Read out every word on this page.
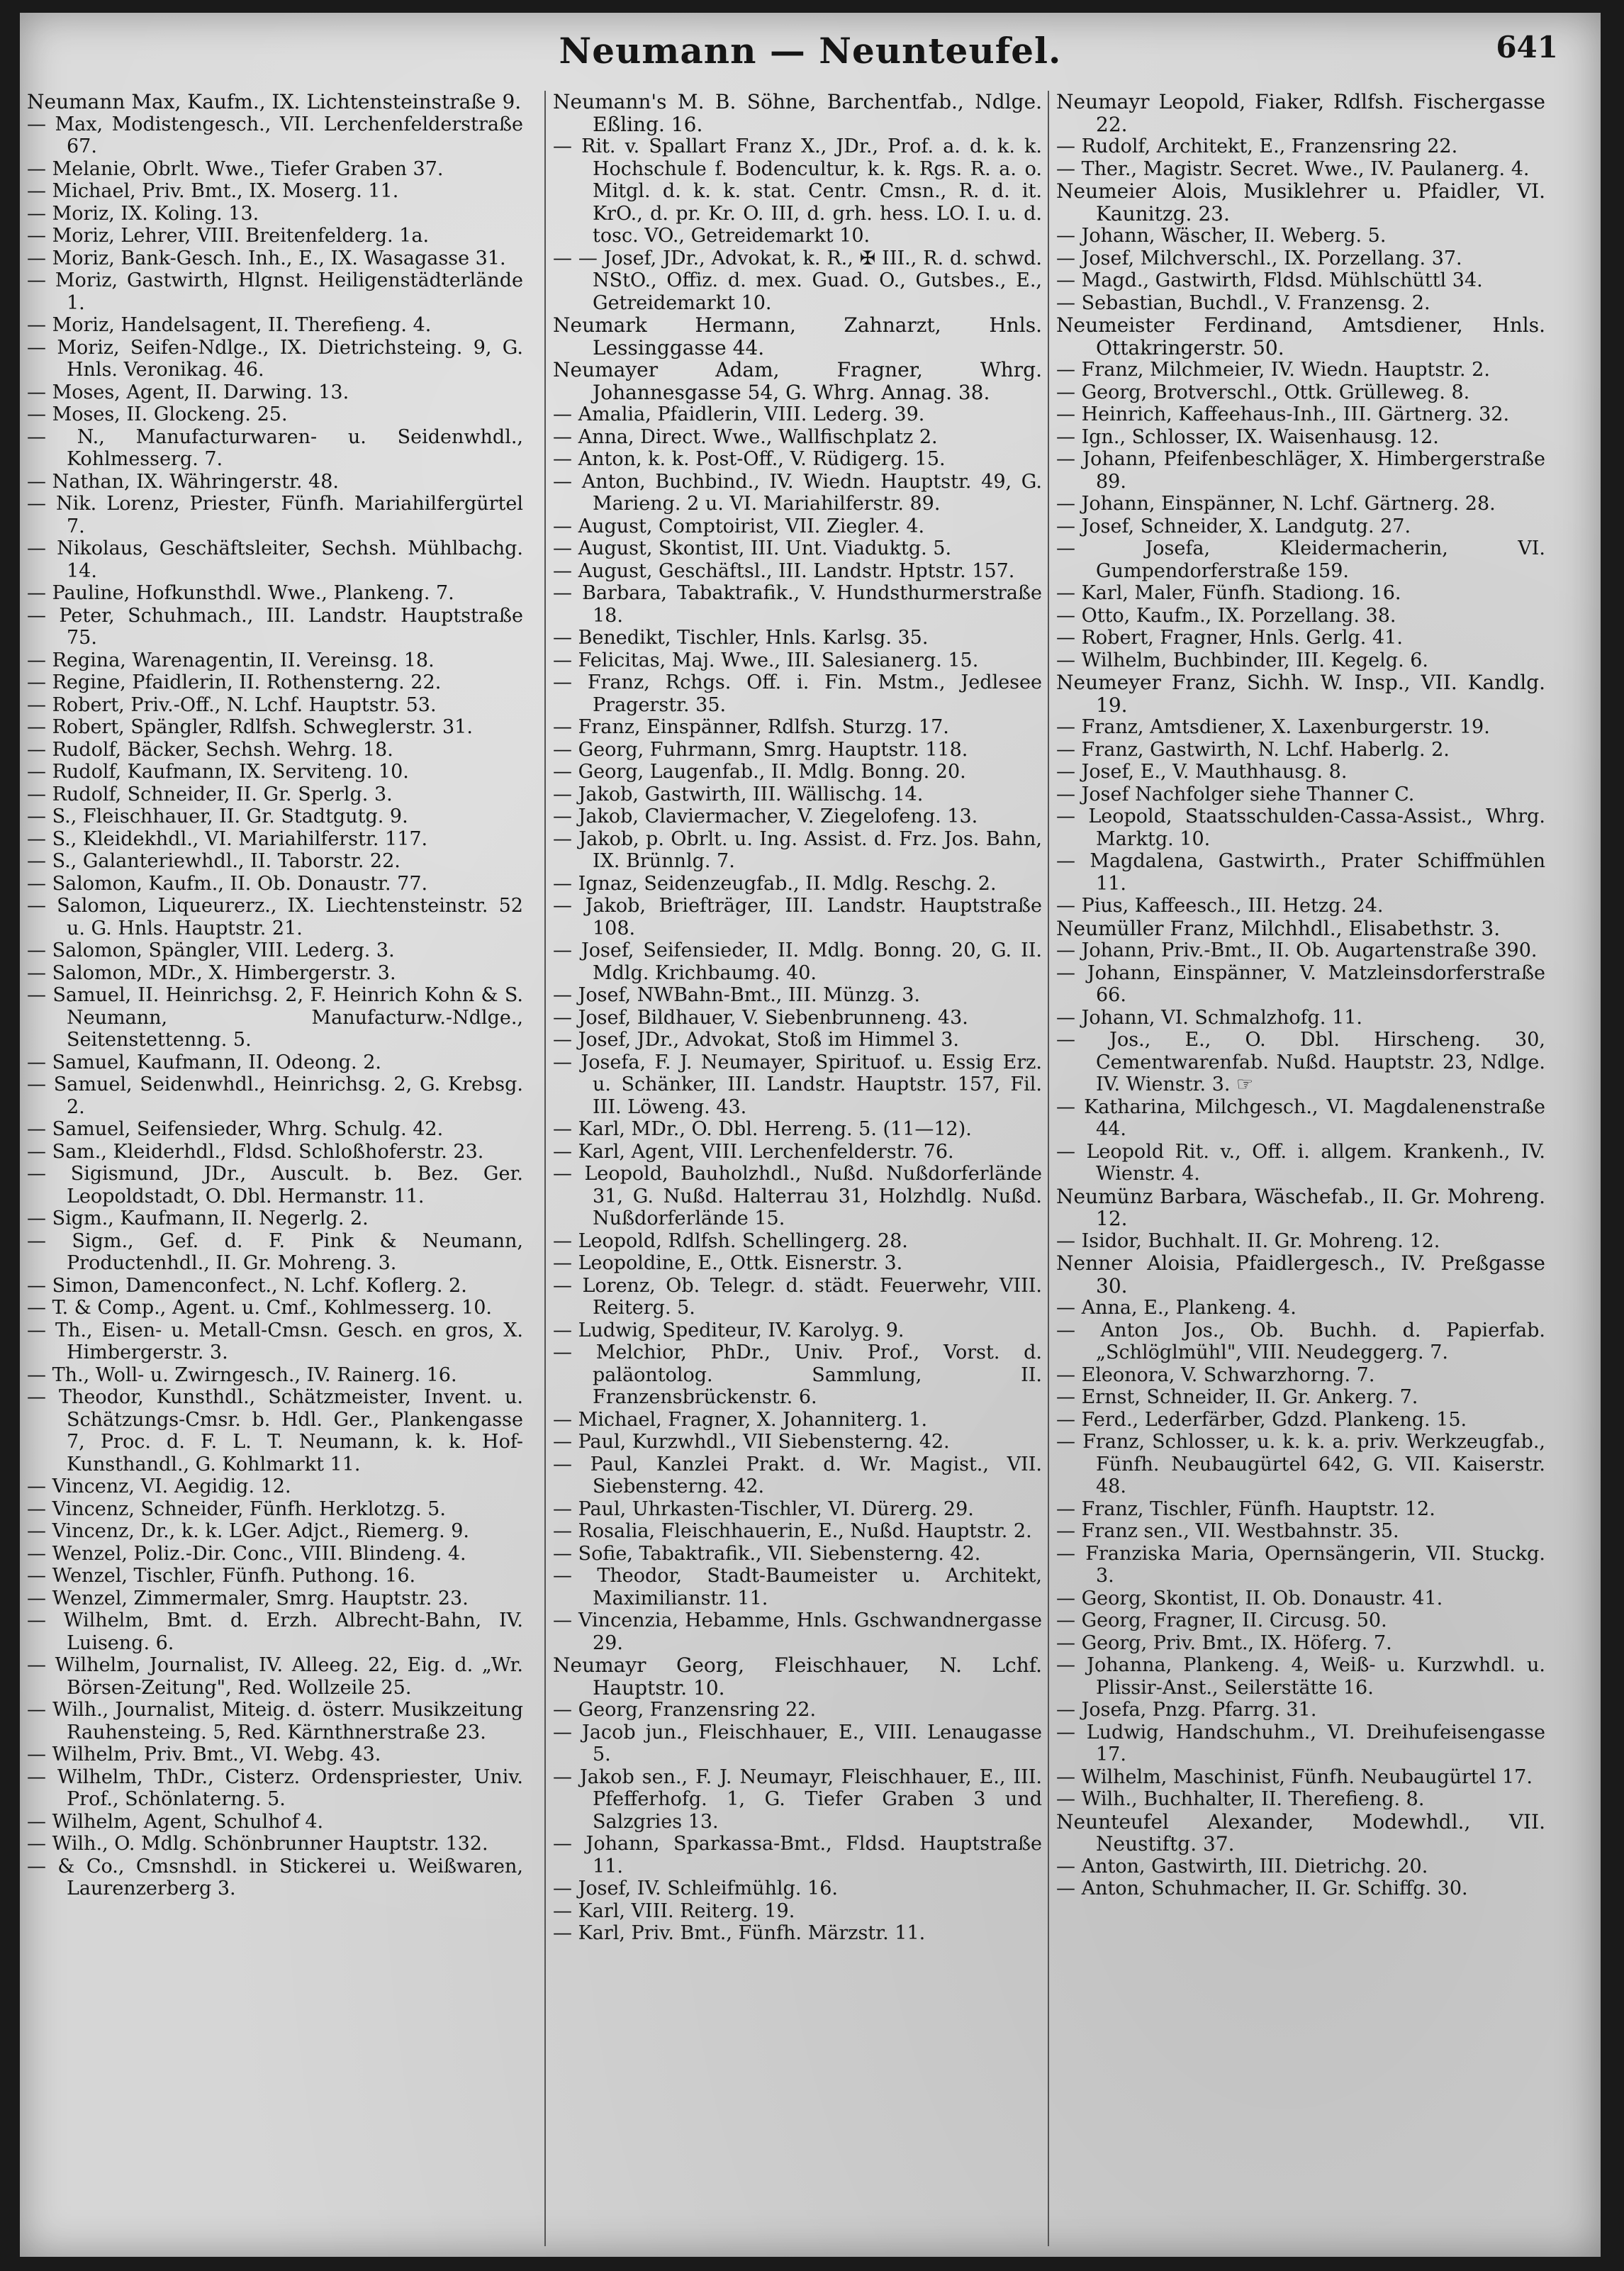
Neumann — Neunteufel.	641

Neumann Max, Kaufm., IX. Lichtensteinstraße 9.

— Max, Modistengesch., VII. Lerchenfelderstraße 67.

— Melanie, Obrlt. Wwe., Tiefer Graben 37.

— Michael, Priv. Bmt., IX. Moserg. 11.

— Moriz, IX. Koling. 13.

— Moriz, Lehrer, VIII. Breitenfelderg. 1a.

— Moriz, Bank-Gesch. Inh., E., IX. Wasagasse 31.

— Moriz, Gastwirth, Hlgnst. Heiligenstädterlände 1.

— Moriz, Handelsagent, II. Therefieng. 4.

— Moriz, Seifen-Ndlge., IX. Dietrichsteing. 9, G. Hnls. Veronikag. 46.

— Moses, Agent, II. Darwing. 13.

— Moses, II. Glockeng. 25.

— N., Manufacturwaren- u. Seidenwhdl., Kohlmesserg. 7.

— Nathan, IX. Währingerstr. 48.

— Nik. Lorenz, Priester, Fünfh. Mariahilfergürtel 7.

— Nikolaus, Geschäftsleiter, Sechsh. Mühlbachg. 14.

— Pauline, Hofkunsthdl. Wwe., Plankeng. 7.

— Peter, Schuhmach., III. Landstr. Hauptstraße 75.

— Regina, Warenagentin, II. Vereinsg. 18.

— Regine, Pfaidlerin, II. Rothensterng. 22.

— Robert, Priv.-Off., N. Lchf. Hauptstr. 53.

— Robert, Spängler, Rdlfsh. Schweglerstr. 31.

— Rudolf, Bäcker, Sechsh. Wehrg. 18.

— Rudolf, Kaufmann, IX. Serviteng. 10.

— Rudolf, Schneider, II. Gr. Sperlg. 3.

— S., Fleischhauer, II. Gr. Stadtgutg. 9.

— S., Kleidekhdl., VI. Mariahilferstr. 117.

— S., Galanteriewhdl., II. Taborstr. 22.

— Salomon, Kaufm., II. Ob. Donaustr. 77.

— Salomon, Liqueurerz., IX. Liechtensteinstr. 52 u. G. Hnls. Hauptstr. 21.

— Salomon, Spängler, VIII. Lederg. 3.

— Salomon, MDr., X. Himbergerstr. 3.

— Samuel, II. Heinrichsg. 2, F. Heinrich Kohn & S. Neumann, Manufacturw.-Ndlge., Seitenstettenng. 5.

— Samuel, Kaufmann, II. Odeong. 2.

— Samuel, Seidenwhdl., Heinrichsg. 2, G. Krebsg. 2.

— Samuel, Seifensieder, Whrg. Schulg. 42.

— Sam., Kleiderhdl., Fldsd. Schloßhoferstr. 23.

— Sigismund, JDr., Auscult. b. Bez. Ger. Leopoldstadt, O. Dbl. Hermanstr. 11.

— Sigm., Kaufmann, II. Negerlg. 2.

— Sigm., Gef. d. F. Pink & Neumann, Productenhdl., II. Gr. Mohreng. 3.

— Simon, Damenconfect., N. Lchf. Koflerg. 2.

— T. & Comp., Agent. u. Cmf., Kohlmesserg. 10.

— Th., Eisen- u. Metall-Cmsn. Gesch. en gros, X. Himbergerstr. 3.

— Th., Woll- u. Zwirngesch., IV. Rainerg. 16.

— Theodor, Kunsthdl., Schätzmeister, Invent. u. Schätzungs-Cmsr. b. Hdl. Ger., Plankengasse 7, Proc. d. F. L. T. Neumann, k. k. Hof-Kunsthandl., G. Kohlmarkt 11.

— Vincenz, VI. Aegidig. 12.

— Vincenz, Schneider, Fünfh. Herklotzg. 5.

— Vincenz, Dr., k. k. LGer. Adjct., Riemerg. 9.

— Wenzel, Poliz.-Dir. Conc., VIII. Blindeng. 4.

— Wenzel, Tischler, Fünfh. Puthong. 16.

— Wenzel, Zimmermaler, Smrg. Hauptstr. 23.

— Wilhelm, Bmt. d. Erzh. Albrecht-Bahn, IV. Luiseng. 6.

— Wilhelm, Journalist, IV. Alleeg. 22, Eig. d. „Wr. Börsen-Zeitung", Red. Wollzeile 25.

— Wilh., Journalist, Miteig. d. österr. Musikzeitung Rauhensteing. 5, Red. Kärnthnerstraße 23.

— Wilhelm, Priv. Bmt., VI. Webg. 43.

— Wilhelm, ThDr., Cisterz. Ordenspriester, Univ. Prof., Schönlaterng. 5.

— Wilhelm, Agent, Schulhof 4.

— Wilh., O. Mdlg. Schönbrunner Hauptstr. 132.

— & Co., Cmsnshdl. in Stickerei u. Weißwaren, Laurenzerberg 3.

Neumann's M. B. Söhne, Barchentfab., Ndlge. Eßling. 16.

— Rit. v. Spallart Franz X., JDr., Prof. a. d. k. k. Hochschule f. Bodencultur, k. k. Rgs. R. a. o. Mitgl. d. k. k. stat. Centr. Cmsn., R. d. it. KrO., d. pr. Kr. O. III, d. grh. hess. LO. I. u. d. tosc. VO., Getreidemarkt 10.

— — Josef, JDr., Advokat, k. R., ✠ III., R. d. schwd. NStO., Offiz. d. mex. Guad. O., Gutsbes., E., Getreidemarkt 10.

Neumark Hermann, Zahnarzt, Hnls. Lessinggasse 44.

Neumayer Adam, Fragner, Whrg. Johannesgasse 54, G. Whrg. Annag. 38.

— Amalia, Pfaidlerin, VIII. Lederg. 39.

— Anna, Direct. Wwe., Wallfischplatz 2.

— Anton, k. k. Post-Off., V. Rüdigerg. 15.

— Anton, Buchbind., IV. Wiedn. Hauptstr. 49, G. Marieng. 2 u. VI. Mariahilferstr. 89.

— August, Comptoirist, VII. Ziegler. 4.

— August, Skontist, III. Unt. Viaduktg. 5.

— August, Geschäftsl., III. Landstr. Hptstr. 157.

— Barbara, Tabaktrafik., V. Hundsthurmerstraße 18.

— Benedikt, Tischler, Hnls. Karlsg. 35.

— Felicitas, Maj. Wwe., III. Salesianerg. 15.

— Franz, Rchgs. Off. i. Fin. Mstm., Jedlesee Pragerstr. 35.

— Franz, Einspänner, Rdlfsh. Sturzg. 17.

— Georg, Fuhrmann, Smrg. Hauptstr. 118.

— Georg, Laugenfab., II. Mdlg. Bonng. 20.

— Jakob, Gastwirth, III. Wällischg. 14.

— Jakob, Claviermacher, V. Ziegelofeng. 13.

— Jakob, p. Obrlt. u. Ing. Assist. d. Frz. Jos. Bahn, IX. Brünnlg. 7.

— Ignaz, Seidenzeugfab., II. Mdlg. Reschg. 2.

— Jakob, Briefträger, III. Landstr. Hauptstraße 108.

— Josef, Seifensieder, II. Mdlg. Bonng. 20, G. II. Mdlg. Krichbaumg. 40.

— Josef, NWBahn-Bmt., III. Münzg. 3.

— Josef, Bildhauer, V. Siebenbrunneng. 43.

— Josef, JDr., Advokat, Stoß im Himmel 3.

— Josefa, F. J. Neumayer, Spirituof. u. Essig Erz. u. Schänker, III. Landstr. Hauptstr. 157, Fil. III. Löweng. 43.

— Karl, MDr., O. Dbl. Herreng. 5. (11—12).

— Karl, Agent, VIII. Lerchenfelderstr. 76.

— Leopold, Bauholzhdl., Nußd. Nußdorferlände 31, G. Nußd. Halterrau 31, Holzhdlg. Nußd. Nußdorferlände 15.

— Leopold, Rdlfsh. Schellingerg. 28.

— Leopoldine, E., Ottk. Eisnerstr. 3.

— Lorenz, Ob. Telegr. d. städt. Feuerwehr, VIII. Reiterg. 5.

— Ludwig, Spediteur, IV. Karolyg. 9.

— Melchior, PhDr., Univ. Prof., Vorst. d. paläontolog. Sammlung, II. Franzensbrückenstr. 6.

— Michael, Fragner, X. Johanniterg. 1.

— Paul, Kurzwhdl., VII Siebensterng. 42.

— Paul, Kanzlei Prakt. d. Wr. Magist., VII. Siebensterng. 42.

— Paul, Uhrkasten-Tischler, VI. Dürerg. 29.

— Rosalia, Fleischhauerin, E., Nußd. Hauptstr. 2.

— Sofie, Tabaktrafik., VII. Siebensterng. 42.

— Theodor, Stadt-Baumeister u. Architekt, Maximilianstr. 11.

— Vincenzia, Hebamme, Hnls. Gschwandnergasse 29.

Neumayr Georg, Fleischhauer, N. Lchf. Hauptstr. 10.

— Georg, Franzensring 22.

— Jacob jun., Fleischhauer, E., VIII. Lenaugasse 5.

— Jakob sen., F. J. Neumayr, Fleischhauer, E., III. Pfefferhofg. 1, G. Tiefer Graben 3 und Salzgries 13.

— Johann, Sparkassa-Bmt., Fldsd. Hauptstraße 11.

— Josef, IV. Schleifmühlg. 16.

— Karl, VIII. Reiterg. 19.

— Karl, Priv. Bmt., Fünfh. Märzstr. 11.

Neumayr Leopold, Fiaker, Rdlfsh. Fischergasse 22.

— Rudolf, Architekt, E., Franzensring 22.

— Ther., Magistr. Secret. Wwe., IV. Paulanerg. 4.

Neumeier Alois, Musiklehrer u. Pfaidler, VI. Kaunitzg. 23.

— Johann, Wäscher, II. Weberg. 5.

— Josef, Milchverschl., IX. Porzellang. 37.

— Magd., Gastwirth, Fldsd. Mühlschüttl 34.

— Sebastian, Buchdl., V. Franzensg. 2.

Neumeister Ferdinand, Amtsdiener, Hnls. Ottakringerstr. 50.

— Franz, Milchmeier, IV. Wiedn. Hauptstr. 2.

— Georg, Brotverschl., Ottk. Grülleweg. 8.

— Heinrich, Kaffeehaus-Inh., III. Gärtnerg. 32.

— Ign., Schlosser, IX. Waisenhausg. 12.

— Johann, Pfeifenbeschläger, X. Himbergerstraße 89.

— Johann, Einspänner, N. Lchf. Gärtnerg. 28.

— Josef, Schneider, X. Landgutg. 27.

— Josefa, Kleidermacherin, VI. Gumpendorferstraße 159.

— Karl, Maler, Fünfh. Stadiong. 16.

— Otto, Kaufm., IX. Porzellang. 38.

— Robert, Fragner, Hnls. Gerlg. 41.

— Wilhelm, Buchbinder, III. Kegelg. 6.

Neumeyer Franz, Sichh. W. Insp., VII. Kandlg. 19.

— Franz, Amtsdiener, X. Laxenburgerstr. 19.

— Franz, Gastwirth, N. Lchf. Haberlg. 2.

— Josef, E., V. Mauthhausg. 8.

— Josef Nachfolger siehe Thanner C.

— Leopold, Staatsschulden-Cassa-Assist., Whrg. Marktg. 10.

— Magdalena, Gastwirth., Prater Schiffmühlen 11.

— Pius, Kaffeesch., III. Hetzg. 24.

Neumüller Franz, Milchhdl., Elisabethstr. 3.

— Johann, Priv.-Bmt., II. Ob. Augartenstraße 390.

— Johann, Einspänner, V. Matzleinsdorferstraße 66.

— Johann, VI. Schmalzhofg. 11.

— Jos., E., O. Dbl. Hirscheng. 30, Cementwarenfab. Nußd. Hauptstr. 23, Ndlge. IV. Wienstr. 3. ☞

— Katharina, Milchgesch., VI. Magdalenenstraße 44.

— Leopold Rit. v., Off. i. allgem. Krankenh., IV. Wienstr. 4.

Neumünz Barbara, Wäschefab., II. Gr. Mohreng. 12.

— Isidor, Buchhalt. II. Gr. Mohreng. 12.

Nenner Aloisia, Pfaidlergesch., IV. Preßgasse 30.

— Anna, E., Plankeng. 4.

— Anton Jos., Ob. Buchh. d. Papierfab. „Schlöglmühl", VIII. Neudeggerg. 7.

— Eleonora, V. Schwarzhorng. 7.

— Ernst, Schneider, II. Gr. Ankerg. 7.

— Ferd., Lederfärber, Gdzd. Plankeng. 15.

— Franz, Schlosser, u. k. k. a. priv. Werkzeugfab., Fünfh. Neubaugürtel 642, G. VII. Kaiserstr. 48.

— Franz, Tischler, Fünfh. Hauptstr. 12.

— Franz sen., VII. Westbahnstr. 35.

— Franziska Maria, Opernsängerin, VII. Stuckg. 3.

— Georg, Skontist, II. Ob. Donaustr. 41.

— Georg, Fragner, II. Circusg. 50.

— Georg, Priv. Bmt., IX. Höferg. 7.

— Johanna, Plankeng. 4, Weiß- u. Kurzwhdl. u. Plissir-Anst., Seilerstätte 16.

— Josefa, Pnzg. Pfarrg. 31.

— Ludwig, Handschuhm., VI. Dreihufeisengasse 17.

— Wilhelm, Maschinist, Fünfh. Neubaugürtel 17.

— Wilh., Buchhalter, II. Therefieng. 8.

Neunteufel Alexander, Modewhdl., VII. Neustiftg. 37.

— Anton, Gastwirth, III. Dietrichg. 20.

— Anton, Schuhmacher, II. Gr. Schiffg. 30.
